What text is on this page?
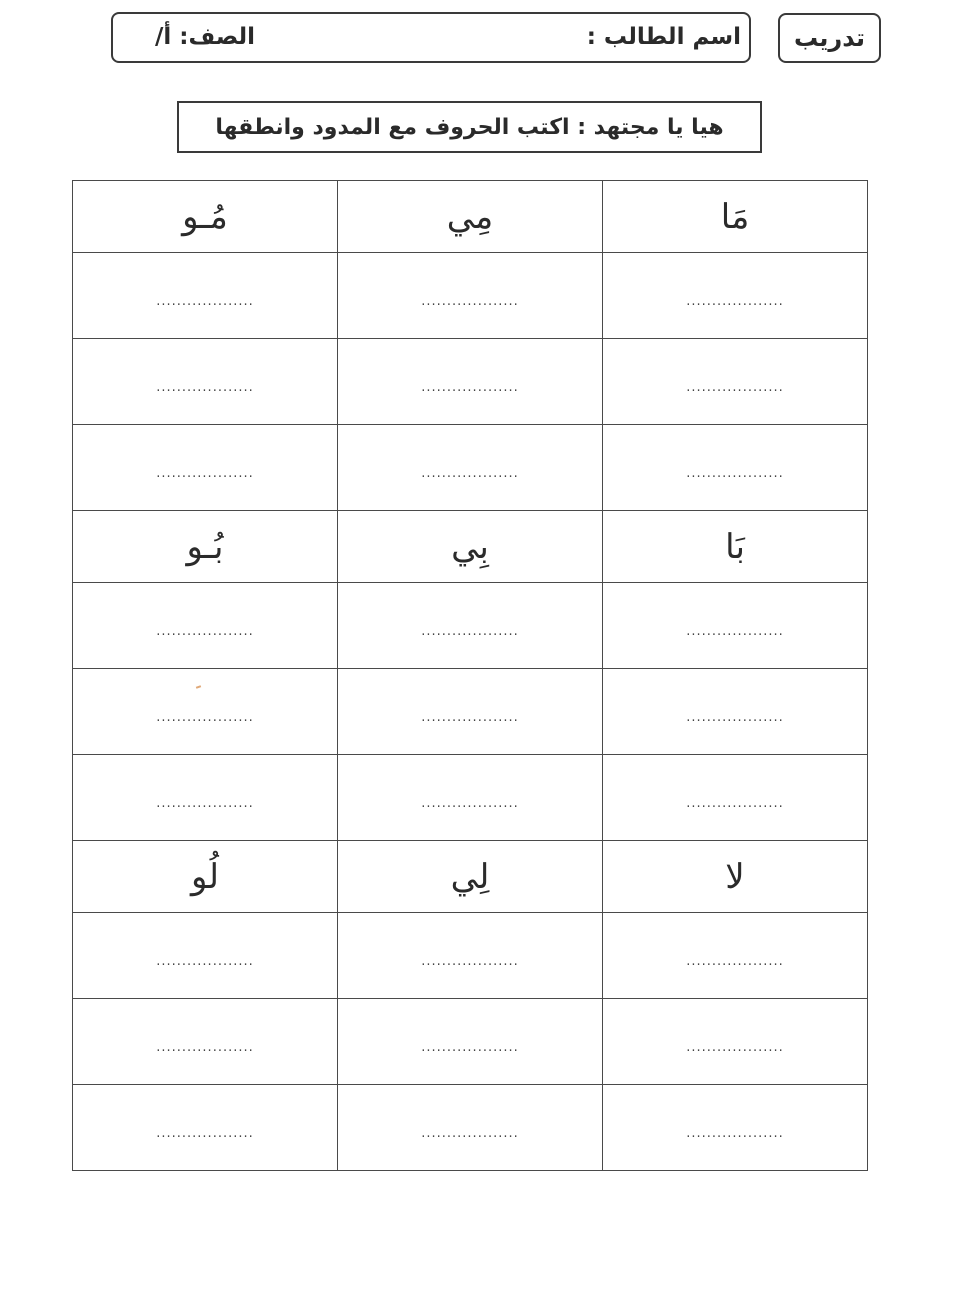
تدريب
اسم الطالب :
الصف: أ/
هيا يا مجتهد : اكتب الحروف مع المدود وانطقها
مَا	مِي	مُـو
...................	...................	...................
...................	...................	...................
...................	...................	...................
بَا	بِي	بُـو
...................	...................	...................
...................	...................	...................
...................	...................	...................
لا	لِي	لُو
...................	...................	...................
...................	...................	...................
...................	...................	...................
